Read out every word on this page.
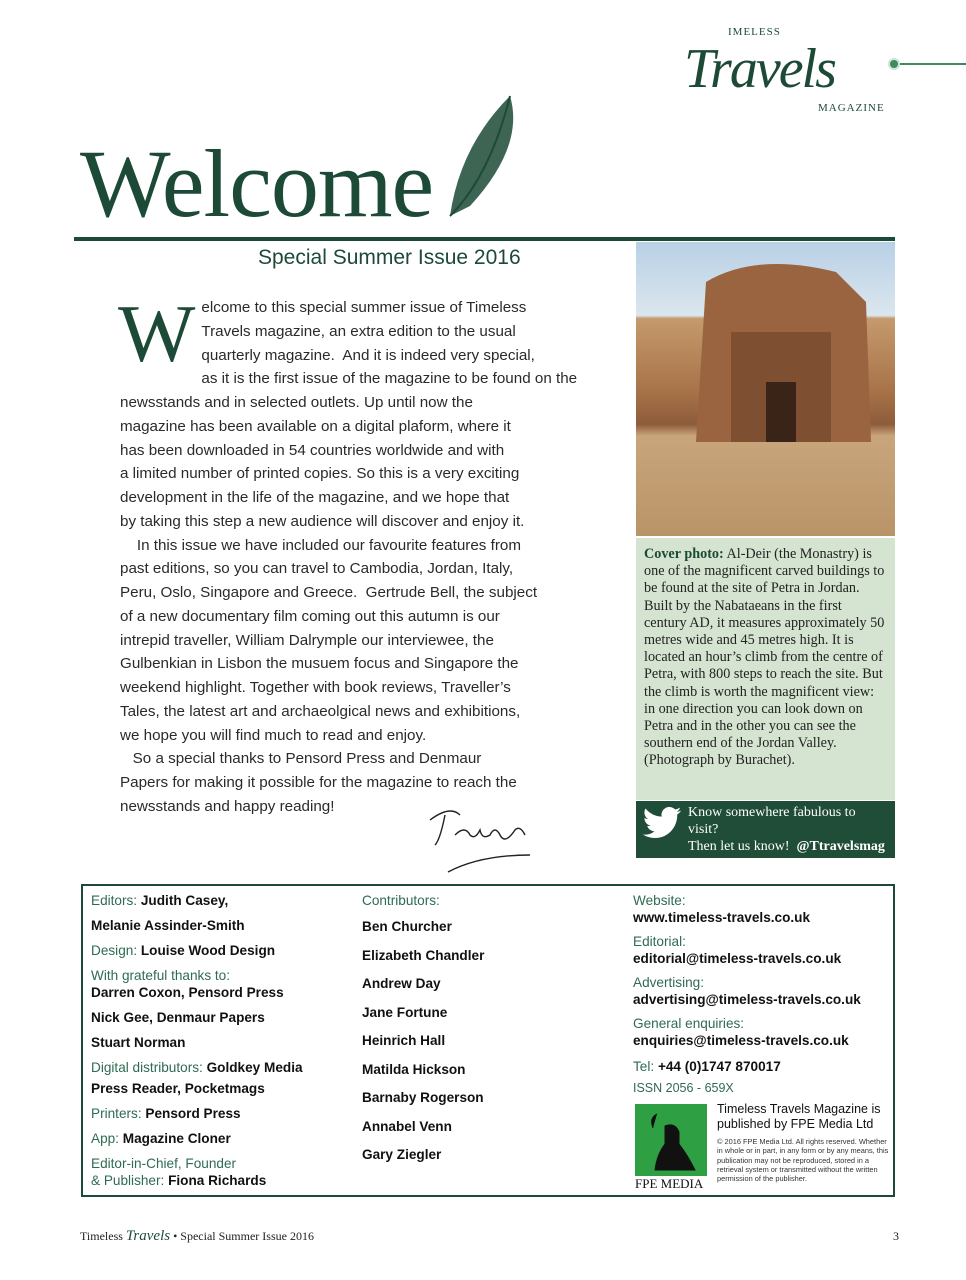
IMELESS
Travels
MAGAZINE
Welcome
Special Summer Issue 2016
W elcome to this special summer issue of Timeless
Travels magazine, an extra edition to the usual
quarterly magazine.  And it is indeed very special,
as it is the first issue of the magazine to be found on the
newsstands and in selected outlets. Up until now the
magazine has been available on a digital plaform, where it
has been downloaded in 54 countries worldwide and with
a limited number of printed copies. So this is a very exciting
development in the life of the magazine, and we hope that
by taking this step a new audience will discover and enjoy it.
In this issue we have included our favourite features from
past editions, so you can travel to Cambodia, Jordan, Italy,
Peru, Oslo, Singapore and Greece.  Gertrude Bell, the subject
of a new documentary film coming out this autumn is our
intrepid traveller, William Dalrymple our interviewee, the
Gulbenkian in Lisbon the musuem focus and Singapore the
weekend highlight. Together with book reviews, Traveller’s
Tales, the latest art and archaeolgical news and exhibitions,
we hope you will find much to read and enjoy.
So a special thanks to Pensord Press and Denmaur
Papers for making it possible for the magazine to reach the
newsstands and happy reading!
Cover photo: Al-Deir (the Monastry) is one of the magnificent carved buildings to be found at the site of Petra in Jordan. Built by the Nabataeans in the first century AD, it measures approximately 50 metres wide and 45 metres high. It is located an hour’s climb from the centre of Petra, with 800 steps to reach the site. But the climb is worth the magnificent view: in one direction you can look down on Petra and in the other you can see the southern end of the Jordan Valley. (Photograph by Burachet).
Know somewhere fabulous to visit?
Then let us know! @Ttravelsmag
Editors: Judith Casey,
Melanie Assinder-Smith
Design: Louise Wood Design
With grateful thanks to:
Darren Coxon, Pensord Press
Nick Gee, Denmaur Papers
Stuart Norman
Digital distributors: Goldkey Media
Press Reader, Pocketmags
Printers: Pensord Press
App: Magazine Cloner
Editor-in-Chief, Founder
& Publisher: Fiona Richards
Contributors:
Ben Churcher
Elizabeth Chandler
Andrew Day
Jane Fortune
Heinrich Hall
Matilda Hickson
Barnaby Rogerson
Annabel Venn
Gary Ziegler
Website:
www.timeless-travels.co.uk
Editorial:
editorial@timeless-travels.co.uk
Advertising:
advertising@timeless-travels.co.uk
General enquiries:
enquiries@timeless-travels.co.uk
Tel: +44 (0)1747 870017
ISSN 2056 - 659X
FPE MEDIA
Timeless Travels Magazine is published by FPE Media Ltd
© 2016 FPE Media Ltd. All rights reserved. Whether in whole or in part, in any form or by any means, this publication may not be reproduced, stored in a retrieval system or transmitted without the written permission of the publisher.
Timeless Travels • Special Summer Issue 2016	3
